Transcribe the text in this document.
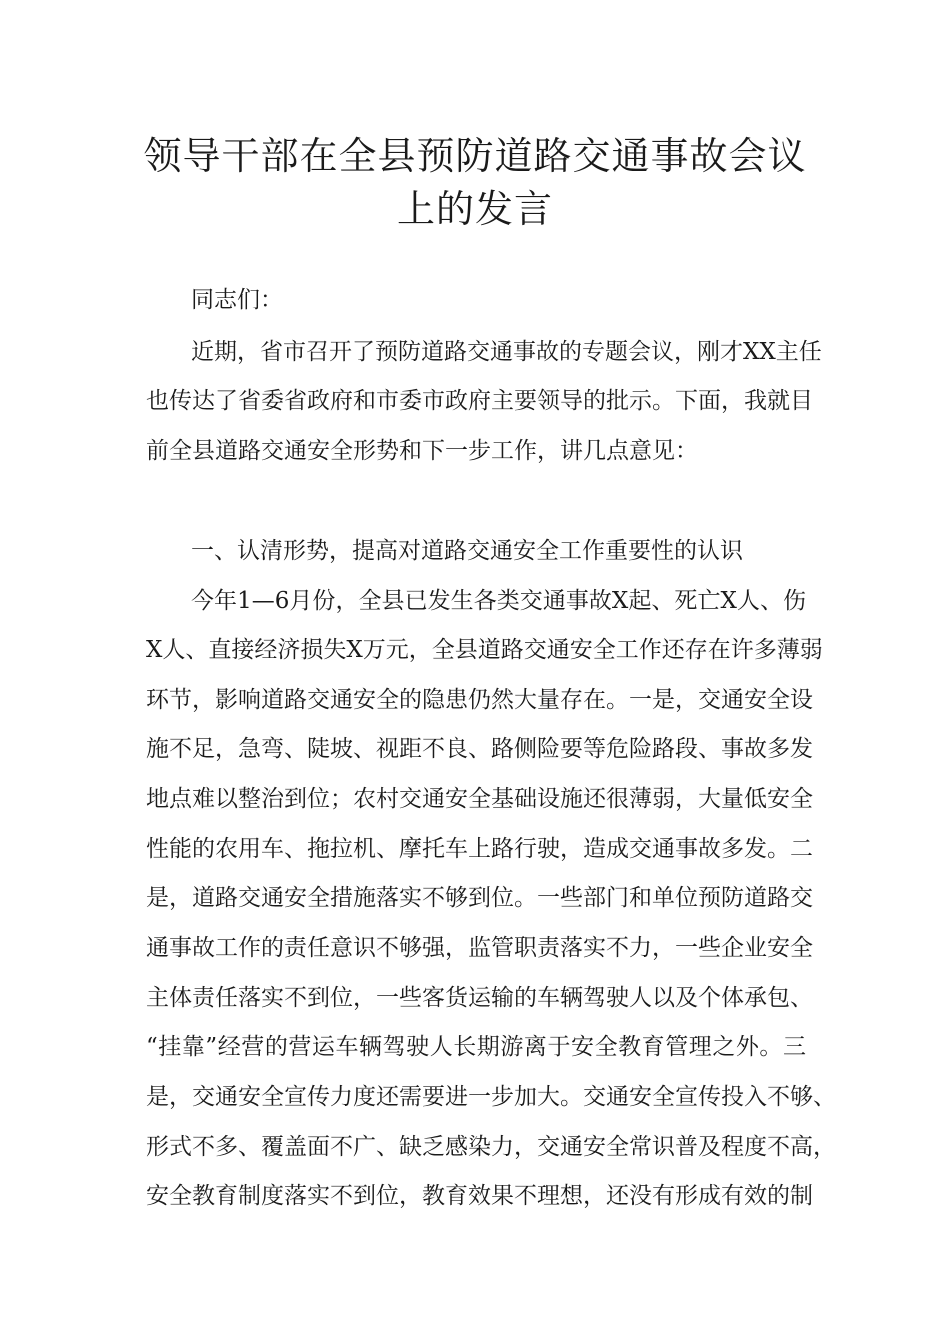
领导干部在全县预防道路交通事故会议
上的发言
同志们：
近期，省市召开了预防道路交通事故的专题会议，刚才XX主任
也传达了省委省政府和市委市政府主要领导的批示。下面，我就目
前全县道路交通安全形势和下一步工作，讲几点意见：
一、认清形势，提高对道路交通安全工作重要性的认识
今年1—6月份，全县已发生各类交通事故X起、死亡X人、伤
X人、直接经济损失X万元，全县道路交通安全工作还存在许多薄弱
环节，影响道路交通安全的隐患仍然大量存在。一是，交通安全设
施不足，急弯、陡坡、视距不良、路侧险要等危险路段、事故多发
地点难以整治到位；农村交通安全基础设施还很薄弱，大量低安全
性能的农用车、拖拉机、摩托车上路行驶，造成交通事故多发。二
是，道路交通安全措施落实不够到位。一些部门和单位预防道路交
通事故工作的责任意识不够强，监管职责落实不力，一些企业安全
主体责任落实不到位，一些客货运输的车辆驾驶人以及个体承包、
“挂靠”经营的营运车辆驾驶人长期游离于安全教育管理之外。三
是，交通安全宣传力度还需要进一步加大。交通安全宣传投入不够、
形式不多、覆盖面不广、缺乏感染力，交通安全常识普及程度不高，
安全教育制度落实不到位，教育效果不理想，还没有形成有效的制
